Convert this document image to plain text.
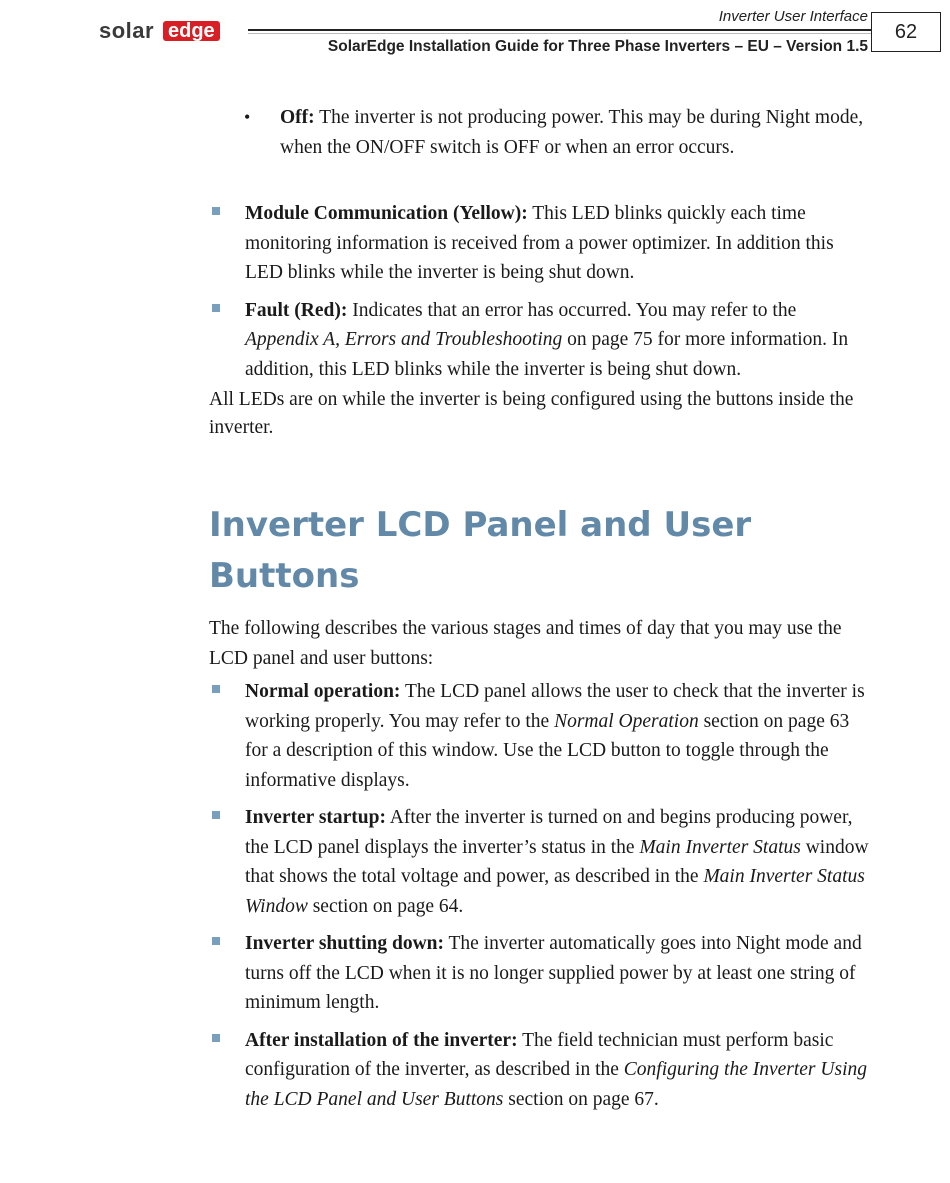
solar edge
Inverter User Interface
SolarEdge Installation Guide for Three Phase Inverters – EU – Version 1.5
62
• Off: The inverter is not producing power. This may be during Night mode, when the ON/OFF switch is OFF or when an error occurs.
Module Communication (Yellow): This LED blinks quickly each time monitoring information is received from a power optimizer. In addition this LED blinks while the inverter is being shut down.
Fault (Red): Indicates that an error has occurred. You may refer to the Appendix A, Errors and Troubleshooting on page 75 for more information. In addition, this LED blinks while the inverter is being shut down.
All LEDs are on while the inverter is being configured using the buttons inside the inverter.
Inverter LCD Panel and User Buttons
The following describes the various stages and times of day that you may use the LCD panel and user buttons:
Normal operation: The LCD panel allows the user to check that the inverter is working properly. You may refer to the Normal Operation section on page 63 for a description of this window. Use the LCD button to toggle through the informative displays.
Inverter startup: After the inverter is turned on and begins producing power, the LCD panel displays the inverter’s status in the Main Inverter Status window that shows the total voltage and power, as described in the Main Inverter Status Window section on page 64.
Inverter shutting down: The inverter automatically goes into Night mode and turns off the LCD when it is no longer supplied power by at least one string of minimum length.
After installation of the inverter: The field technician must perform basic configuration of the inverter, as described in the Configuring the Inverter Using the LCD Panel and User Buttons section on page 67.
